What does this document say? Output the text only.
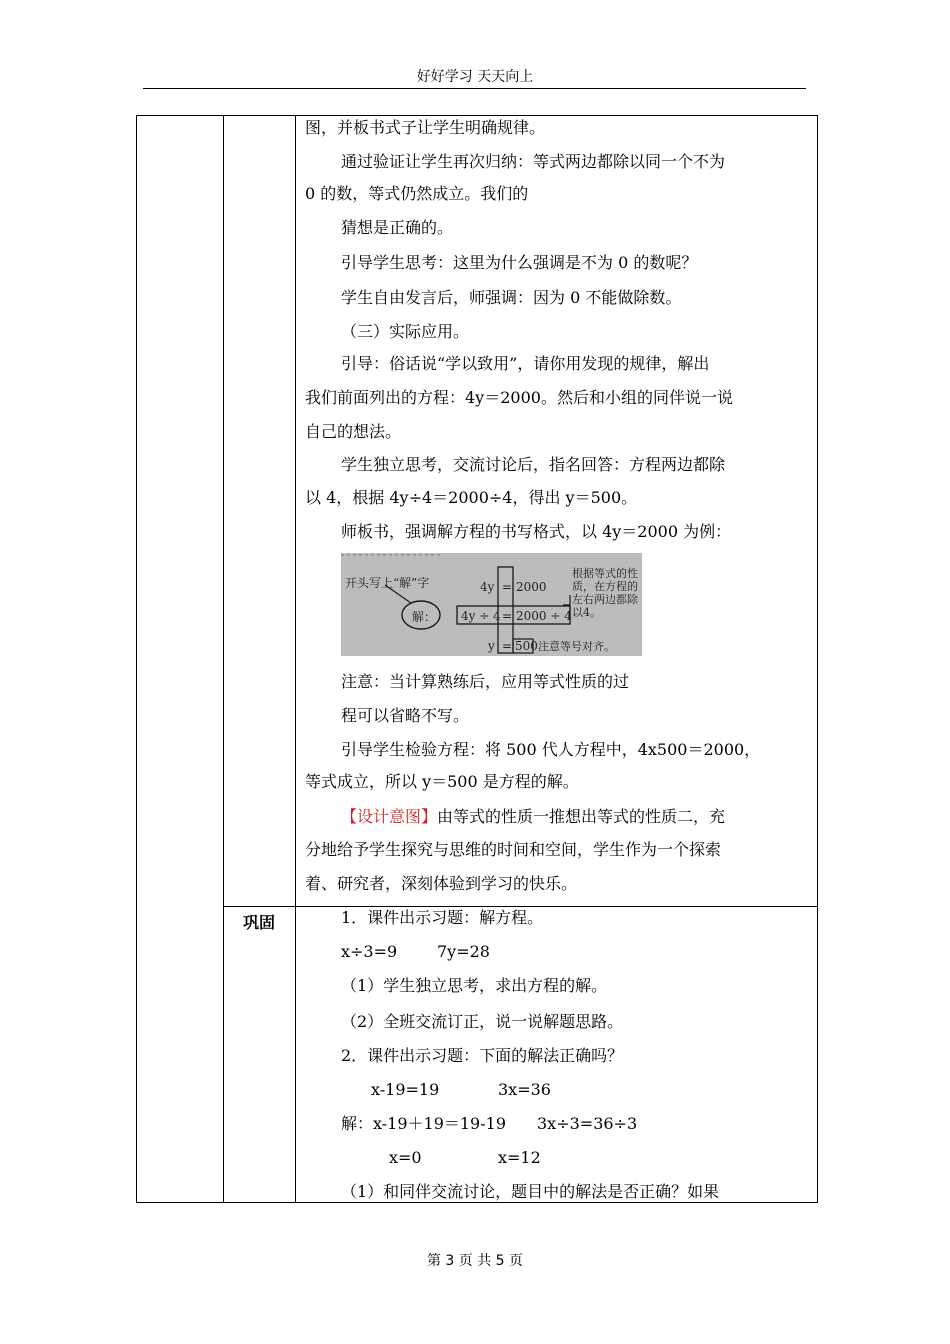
好好学习 天天向上
巩固
图，并板书式子让学生明确规律。
通过验证让学生再次归纳：等式两边都除以同一个不为
0 的数，等式仍然成立。我们的
猜想是正确的。
引导学生思考：这里为什么强调是不为 0 的数呢？
学生自由发言后，师强调：因为 0 不能做除数。
（三）实际应用。
引导：俗话说“学以致用”，请你用发现的规律，解出
我们前面列出的方程：4y＝2000。然后和小组的同伴说一说
自己的想法。
学生独立思考，交流讨论后，指名回答：方程两边都除
以 4，根据 4y÷4＝2000÷4，得出 y＝500。
师板书，强调解方程的书写格式，以 4y＝2000 为例：
开头写上“解”字
解：
4y = 2000
4y ÷ 4 = 2000 ÷ 4
y = 500
根据等式的性质，在方程的左右两边都除以4。
注意等号对齐。
注意：当计算熟练后，应用等式性质的过
程可以省略不写。
引导学生检验方程：将 500 代人方程中，4x500＝2000，
等式成立，所以 y＝500 是方程的解。
【设计意图】由等式的性质一推想出等式的性质二，充
分地给予学生探究与思维的时间和空间，学生作为一个探索
着、研究者，深刻体验到学习的快乐。
1．课件出示习题：解方程。
x÷3=9 7y=28
（1）学生独立思考，求出方程的解。
（2）全班交流订正，说一说解题思路。
2．课件出示习题：下面的解法正确吗？
x-19=19	3x=36
解：x-19＋19＝19-19 3x÷3=36÷3
x=0	x=12
（1）和同伴交流讨论，题目中的解法是否正确？如果
第 3 页 共 5 页
